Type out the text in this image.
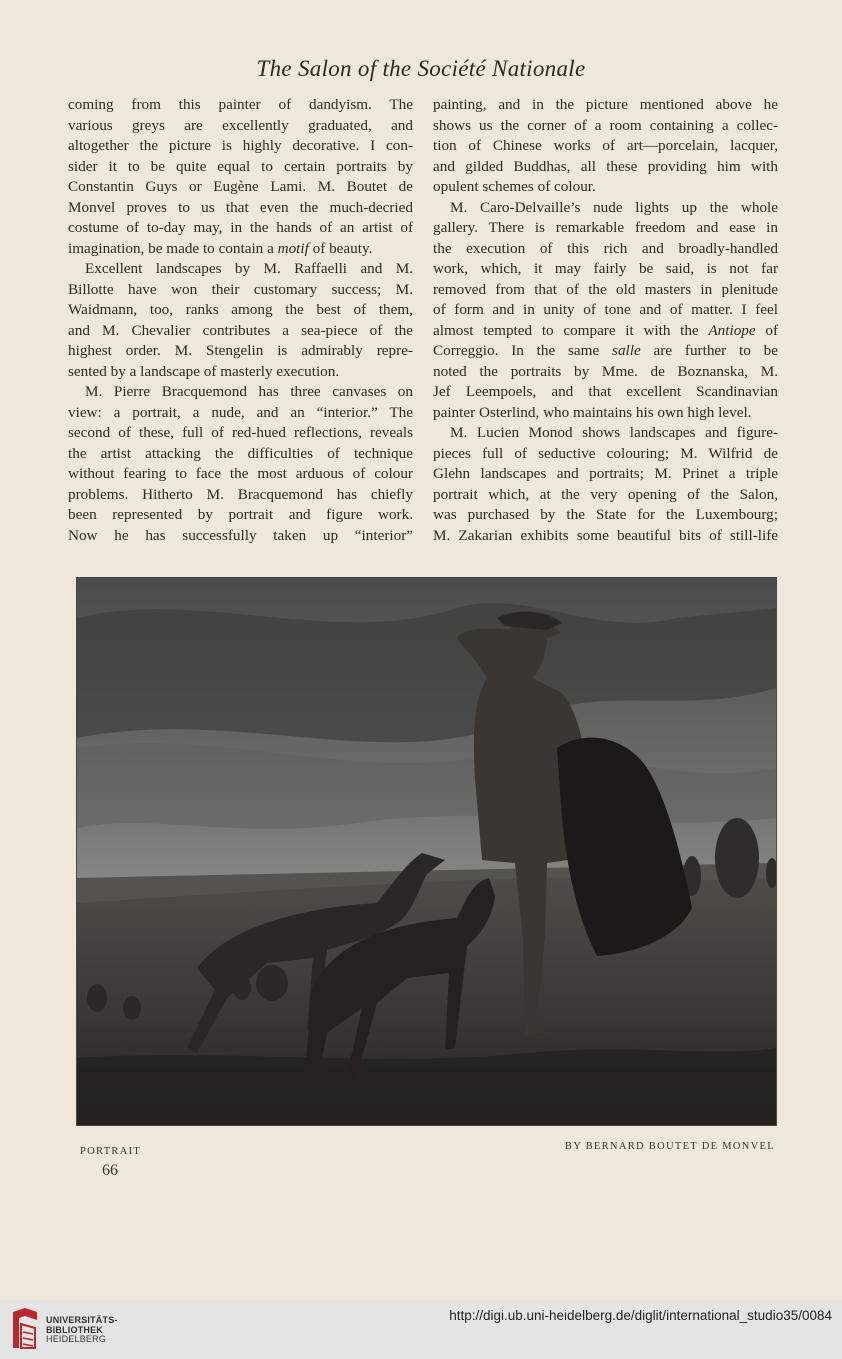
The Salon of the Société Nationale
coming from this painter of dandyism. The
various greys are excellently graduated, and
altogether the picture is highly decorative. I con-
sider it to be quite equal to certain portraits by
Constantin Guys or Eugène Lami. M. Boutet de
Monvel proves to us that even the much-decried
costume of to-day may, in the hands of an artist of
imagination, be made to contain a motif of beauty.
Excellent landscapes by M. Raffaelli and M.
Billotte have won their customary success; M.
Waidmann, too, ranks among the best of them,
and M. Chevalier contributes a sea-piece of the
highest order. M. Stengelin is admirably repre-
sented by a landscape of masterly execution.
M. Pierre Bracquemond has three canvases on
view: a portrait, a nude, and an “interior.” The
second of these, full of red-hued reflections, reveals
the artist attacking the difficulties of technique
without fearing to face the most arduous of colour
problems. Hitherto M. Bracquemond has chiefly
been represented by portrait and figure work.
Now he has successfully taken up “interior”
painting, and in the picture mentioned above he
shows us the corner of a room containing a collec-
tion of Chinese works of art—porcelain, lacquer,
and gilded Buddhas, all these providing him with
opulent schemes of colour.
M. Caro-Delvaille’s nude lights up the whole
gallery. There is remarkable freedom and ease in
the execution of this rich and broadly-handled
work, which, it may fairly be said, is not far
removed from that of the old masters in plenitude
of form and in unity of tone and of matter. I feel
almost tempted to compare it with the Antiope of
Correggio. In the same salle are further to be
noted the portraits by Mme. de Boznanska, M.
Jef Leempoels, and that excellent Scandinavian
painter Osterlind, who maintains his own high level.
M. Lucien Monod shows landscapes and figure-
pieces full of seductive colouring; M. Wilfrid de
Glehn landscapes and portraits; M. Prinet a triple
portrait which, at the very opening of the Salon,
was purchased by the State for the Luxembourg;
M. Zakarian exhibits some beautiful bits of still-life
PORTRAIT	BY BERNARD BOUTET DE MONVEL
66
UNIVERSITÄTS-
BIBLIOTHEK
HEIDELBERG
http://digi.ub.uni-heidelberg.de/diglit/international_studio35/0084
